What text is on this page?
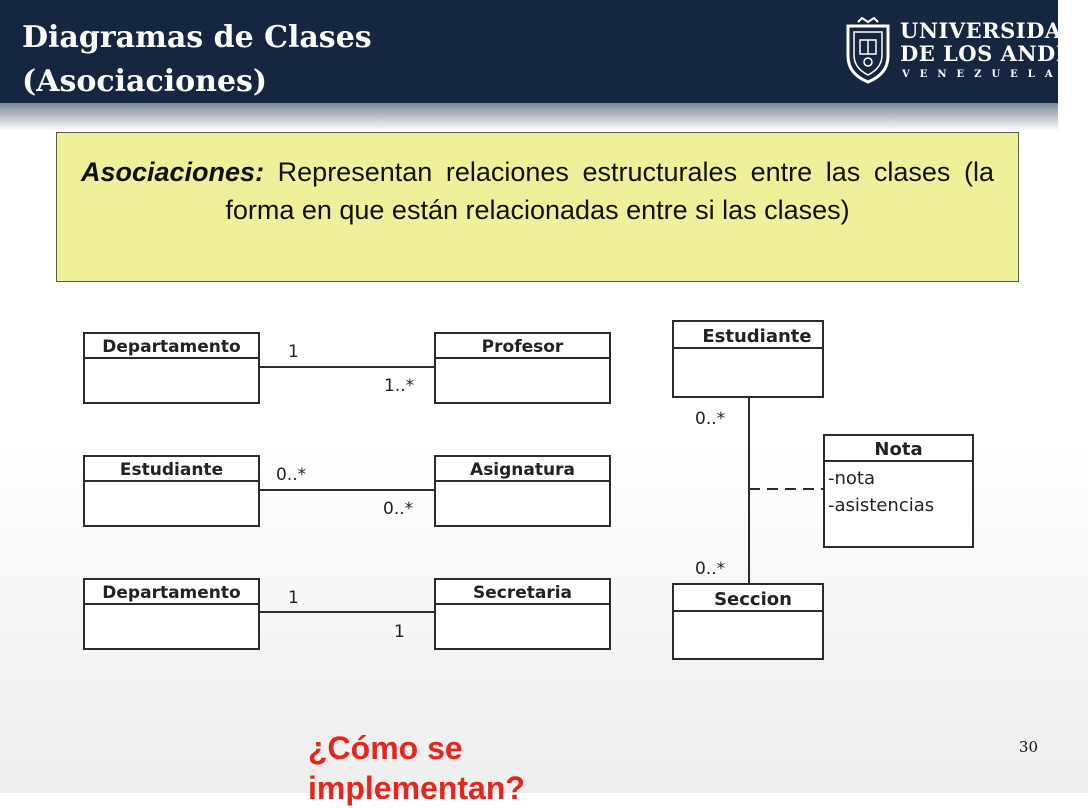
Diagramas de Clases
(Asociaciones)
UNIVERSIDAD
DE LOS ANDES
VENEZUELA
Asociaciones: Representan relaciones estructurales entre las clases (la forma en que están relacionadas entre si las clases)
Departamento	Profesor
Estudiante	Asignatura
Departamento	Secretaria
Estudiante
Nota
-nota
-asistencias
Seccion
1
1..*
0..*
0..*
1
1
0..*
0..*
¿Cómo se
implementan?
30
